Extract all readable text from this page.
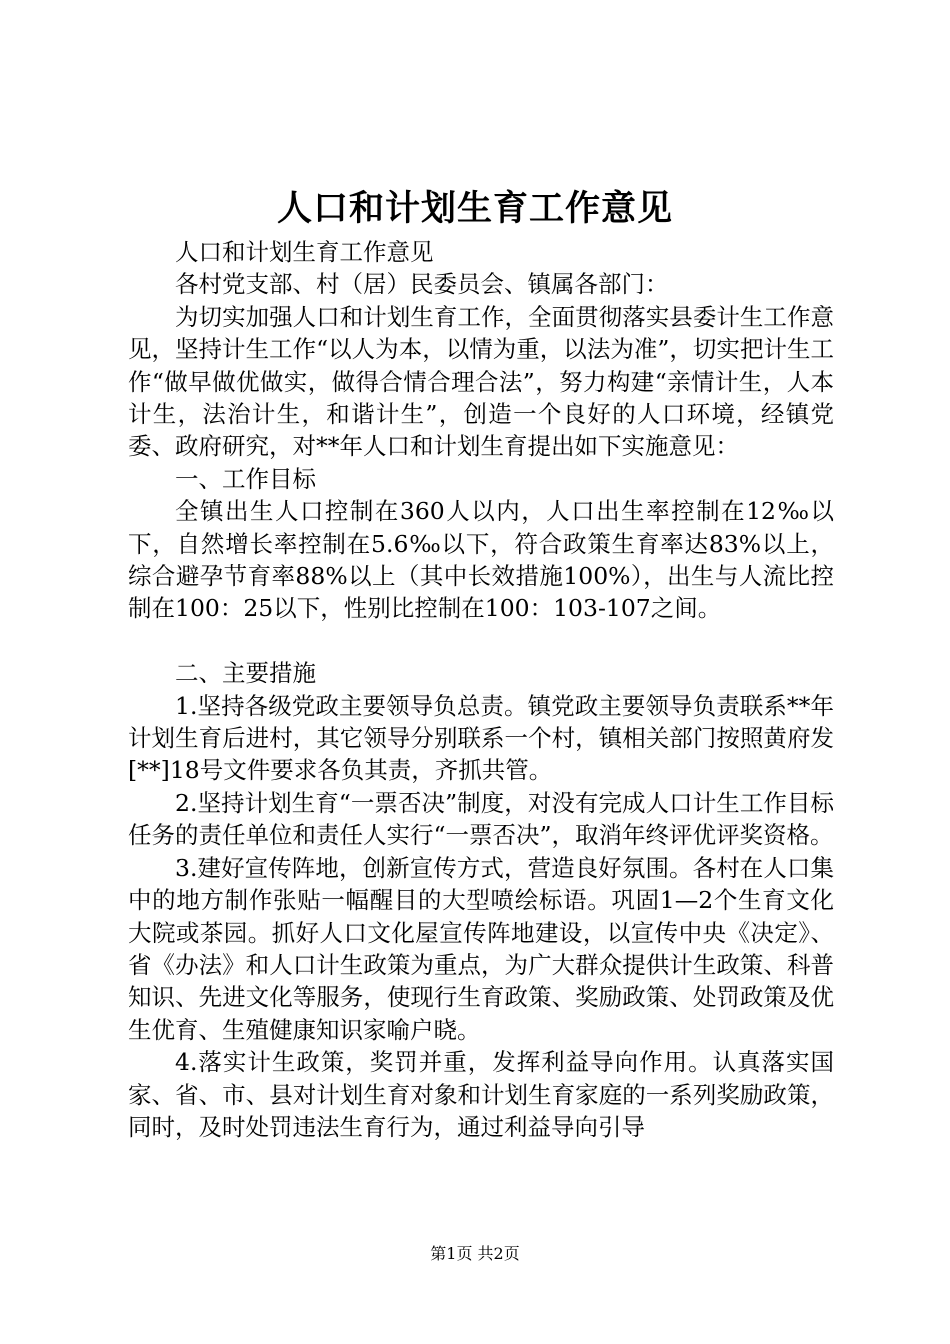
人口和计划生育工作意见

人口和计划生育工作意见

各村党支部、村（居）民委员会、镇属各部门：

为切实加强人口和计划生育工作，全面贯彻落实县委计生工作意见，坚持计生工作“以人为本，以情为重，以法为准”，切实把计生工作“做早做优做实，做得合情合理合法”，努力构建“亲情计生，人本计生，法治计生，和谐计生”，创造一个良好的人口环境，经镇党委、政府研究，对**年人口和计划生育提出如下实施意见：

一、工作目标

全镇出生人口控制在360人以内，人口出生率控制在12‰以下，自然增长率控制在5.6‰以下，符合政策生育率达83%以上，综合避孕节育率88%以上（其中长效措施100%），出生与人流比控制在100：25以下，性别比控制在100：103-107之间。

二、主要措施

1.坚持各级党政主要领导负总责。镇党政主要领导负责联系**年计划生育后进村，其它领导分别联系一个村，镇相关部门按照黄府发[**]18号文件要求各负其责，齐抓共管。

2.坚持计划生育“一票否决”制度，对没有完成人口计生工作目标任务的责任单位和责任人实行“一票否决”，取消年终评优评奖资格。

3.建好宣传阵地，创新宣传方式，营造良好氛围。各村在人口集中的地方制作张贴一幅醒目的大型喷绘标语。巩固1—2个生育文化大院或茶园。抓好人口文化屋宣传阵地建设，以宣传中央《决定》、省《办法》和人口计生政策为重点，为广大群众提供计生政策、科普知识、先进文化等服务，使现行生育政策、奖励政策、处罚政策及优生优育、生殖健康知识家喻户晓。

4.落实计生政策，奖罚并重，发挥利益导向作用。认真落实国家、省、市、县对计划生育对象和计划生育家庭的一系列奖励政策，同时，及时处罚违法生育行为，通过利益导向引导

第1页 共2页
